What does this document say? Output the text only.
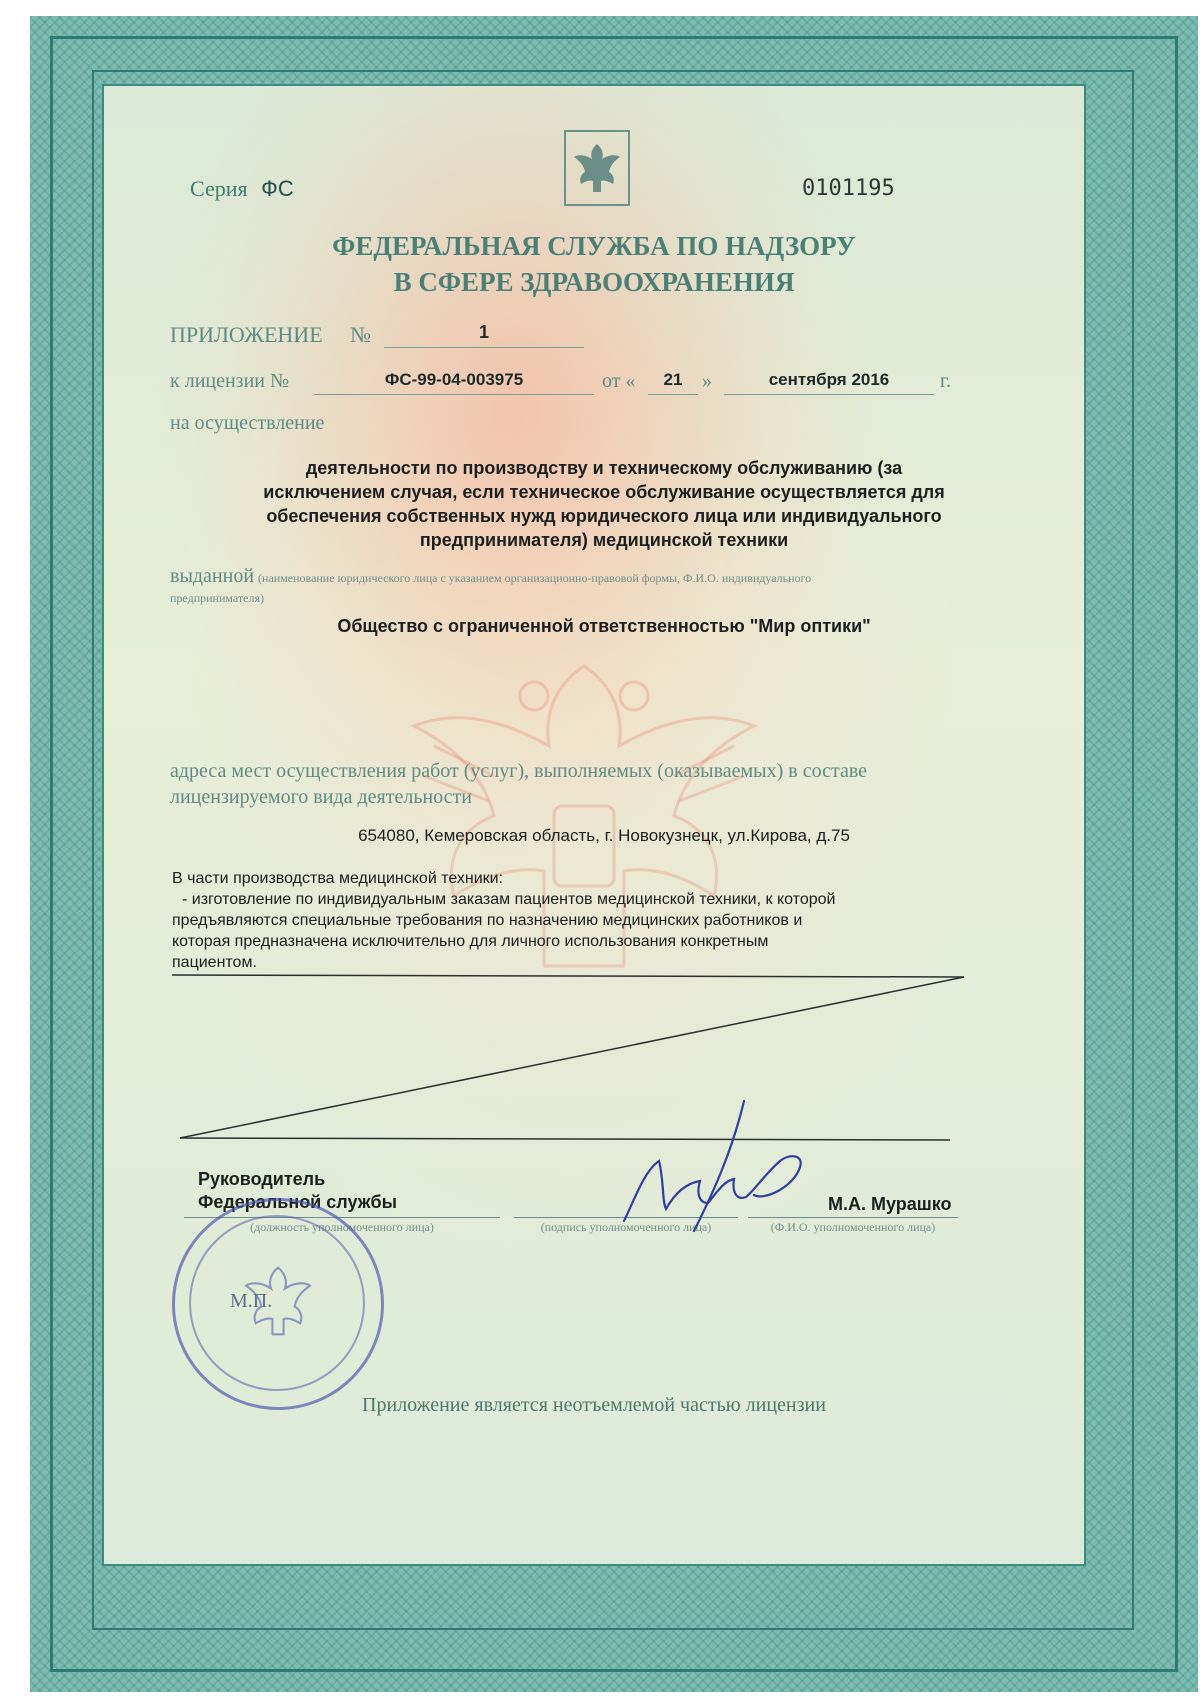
Серия ФС	0101195
ФЕДЕРАЛЬНАЯ СЛУЖБА ПО НАДЗОРУ
В СФЕРЕ ЗДРАВООХРАНЕНИЯ
ПРИЛОЖЕНИЕ №	1
к лицензии №	ФС-99-04-003975	от «	21 »	сентября 2016	г.
на осуществление
деятельности по производству и техническому обслуживанию (за
исключением случая, если техническое обслуживание осуществляется для
обеспечения собственных нужд юридического лица или индивидуального
предпринимателя) медицинской техники
выданной (наименование юридического лица с указанием организационно-правовой формы, Ф.И.О. индивидуального
предпринимателя)
Общество с ограниченной ответственностью "Мир оптики"
адреса мест осуществления работ (услуг), выполняемых (оказываемых) в составе
лицензируемого вида деятельности
654080, Кемеровская область, г. Новокузнецк, ул.Кирова, д.75
В части производства медицинской техники:
- изготовление по индивидуальным заказам пациентов медицинской техники, к которой
предъявляются специальные требования по назначению медицинских работников и
которая предназначена исключительно для личного использования конкретным
пациентом.
Руководитель
Федеральной службы
(должность уполномоченного лица)	(подпись уполномоченного лица)
М.А. Мурашко
(Ф.И.О. уполномоченного лица)
М.П.
Приложение является неотъемлемой частью лицензии
